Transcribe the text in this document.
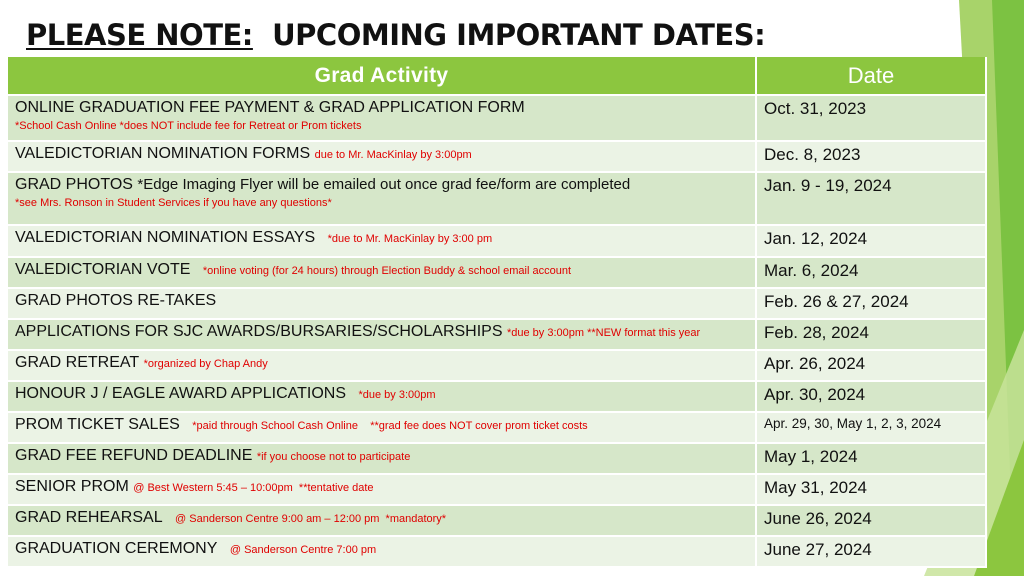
PLEASE NOTE: UPCOMING IMPORTANT DATES:
Grad Activity	Date

ONLINE GRADUATION FEE PAYMENT & GRAD APPLICATION FORM
*School Cash Online *does NOT include fee for Retreat or Prom tickets	Oct. 31, 2023
VALEDICTORIAN NOMINATION FORMS due to Mr. MacKinlay by 3:00pm	Dec. 8, 2023

GRAD PHOTOS *Edge Imaging Flyer will be emailed out once grad fee/form are completed
*see Mrs. Ronson in Student Services if you have any questions*	Jan. 9 - 19, 2024
VALEDICTORIAN NOMINATION ESSAYS *due to Mr. MacKinlay by 3:00 pm	Jan. 12, 2024
VALEDICTORIAN VOTE *online voting (for 24 hours) through Election Buddy & school email account	Mar. 6, 2024
GRAD PHOTOS RE-TAKES	Feb. 26 & 27, 2024
APPLICATIONS FOR SJC AWARDS/BURSARIES/SCHOLARSHIPS *due by 3:00pm **NEW format this year	Feb. 28, 2024
GRAD RETREAT *organized by Chap Andy	Apr. 26, 2024
HONOUR J / EAGLE AWARD APPLICATIONS *due by 3:00pm	Apr. 30, 2024
PROM TICKET SALES *paid through School Cash Online    **grad fee does NOT cover prom ticket costs	Apr. 29, 30, May 1, 2, 3, 2024
GRAD FEE REFUND DEADLINE *if you choose not to participate	May 1, 2024
SENIOR PROM @ Best Western 5:45 – 10:00pm  **tentative date	May 31, 2024
GRAD REHEARSAL @ Sanderson Centre 9:00 am – 12:00 pm  *mandatory*	June 26, 2024
GRADUATION CEREMONY @ Sanderson Centre 7:00 pm	June 27, 2024
